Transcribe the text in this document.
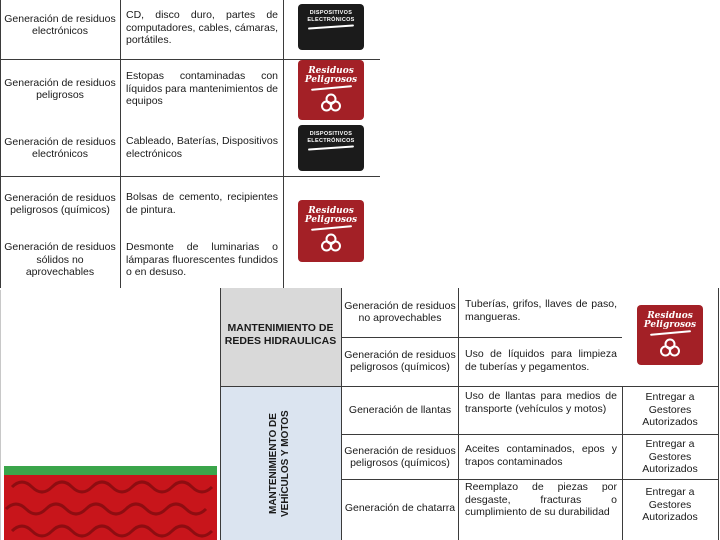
Generación de residuos electrónicos
CD, disco duro, partes de computadores, cables, cámaras, portátiles.
Generación de residuos peligrosos
Estopas contaminadas con líquidos para mantenimientos de equipos
Generación de residuos electrónicos
Cableado, Baterías, Dispositivos electrónicos
Generación de residuos peligrosos (químicos)
Bolsas de cemento, recipientes de pintura.
Generación de residuos sólidos no aprovechables
Desmonte de luminarias o lámparas fluorescentes fundidos o en desuso.
DISPOSITIVOS
ELECTRÓNICOS
Residuos
Peligrosos
DISPOSITIVOS
ELECTRÓNICOS
Residuos
Peligrosos
MANTENIMIENTO DE REDES HIDRAULICAS
MANTENIMIENTO DE VEHÍCULOS Y MOTOS
Generación de residuos no aprovechables
Tuberías, grifos, llaves de paso, mangueras.
Generación de residuos peligrosos (químicos)
Uso de líquidos para limpieza de tuberías y pegamentos.
Residuos
Peligrosos
Generación de llantas
Uso de llantas para medios de transporte (vehículos y motos)
Entregar a Gestores Autorizados
Generación de residuos peligrosos (químicos)
Aceites contaminados, epos y trapos contaminados
Entregar a Gestores Autorizados
Generación de chatarra
Reemplazo de piezas por desgaste, fracturas o cumplimiento de su durabilidad
Entregar a Gestores Autorizados
